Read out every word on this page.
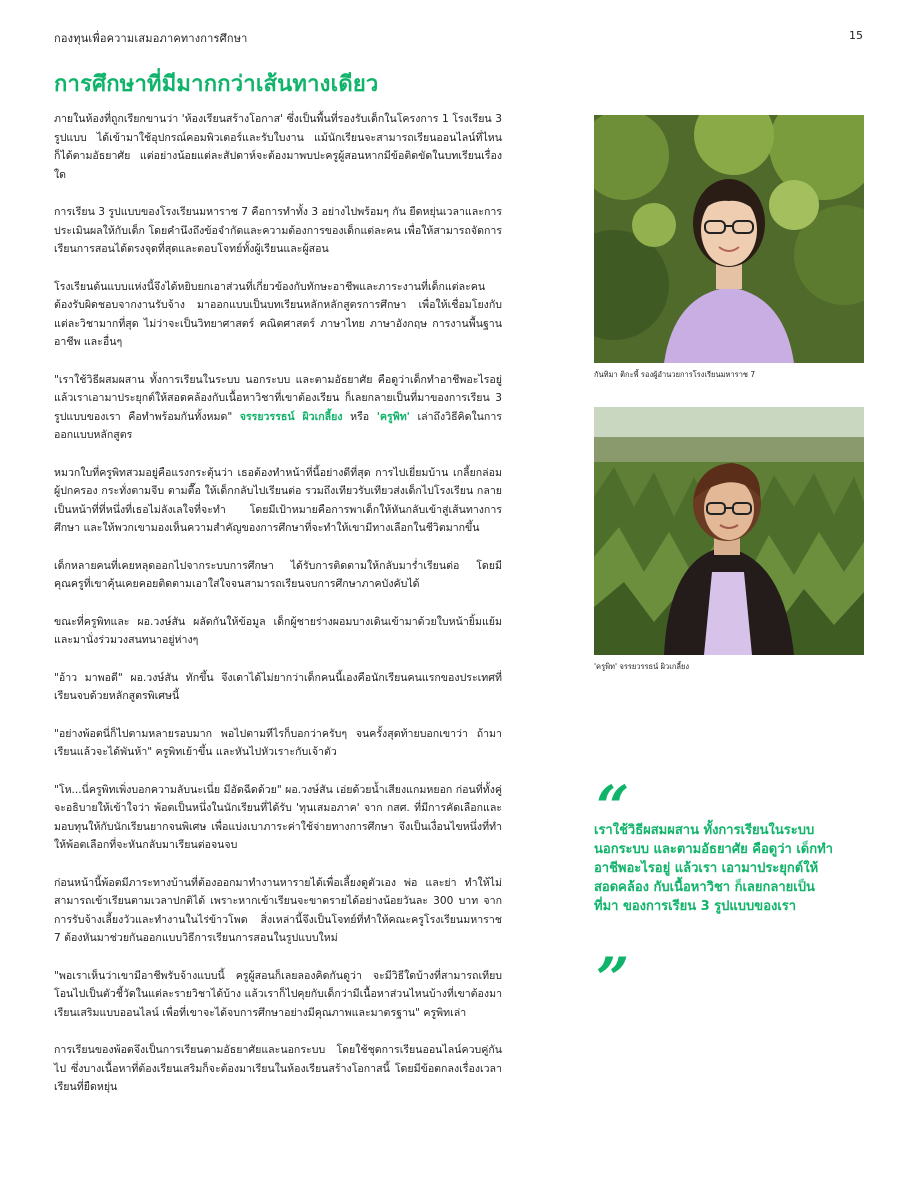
กองทุนเพื่อความเสมอภาคทางการศึกษา	15
การศึกษาที่มีมากกว่าเส้นทางเดียว

ภายในห้องที่ถูกเรียกขานว่า 'ห้องเรียนสร้างโอกาส' ซึ่งเป็นพื้นที่รองรับเด็กในโครงการ 1 โรงเรียน 3 รูปแบบ ได้เข้ามาใช้อุปกรณ์คอมพิวเตอร์และรับใบงาน แม้นักเรียนจะสามารถเรียนออนไลน์ที่ไหนก็ได้ตามอัธยาศัย แต่อย่างน้อยแต่ละสัปดาห์จะต้องมาพบปะครูผู้สอนหากมีข้อติดขัดในบทเรียนเรื่องใด

การเรียน 3 รูปแบบของโรงเรียนมหาราช 7 คือการทำทั้ง 3 อย่างไปพร้อมๆ กัน ยืดหยุ่นเวลาและการประเมินผลให้กับเด็ก โดยคำนึงถึงข้อจำกัดและความต้องการของเด็กแต่ละคน เพื่อให้สามารถจัดการเรียนการสอนได้ตรงจุดที่สุดและตอบโจทย์ทั้งผู้เรียนและผู้สอน

โรงเรียนต้นแบบแห่งนี้จึงได้หยิบยกเอาส่วนที่เกี่ยวข้องกับทักษะอาชีพและภาระงานที่เด็กแต่ละคนต้องรับผิดชอบจากงานรับจ้าง มาออกแบบเป็นบทเรียนหลักหลักสูตรการศึกษา เพื่อให้เชื่อมโยงกับแต่ละวิชามากที่สุด ไม่ว่าจะเป็นวิทยาศาสตร์ คณิตศาสตร์ ภาษาไทย ภาษาอังกฤษ การงานพื้นฐานอาชีพ และอื่นๆ

"เราใช้วิธีผสมผสาน ทั้งการเรียนในระบบ นอกระบบ และตามอัธยาศัย คือดูว่าเด็กทำอาชีพอะไรอยู่ แล้วเราเอามาประยุกต์ให้สอดคล้องกับเนื้อหาวิชาที่เขาต้องเรียน ก็เลยกลายเป็นที่มาของการเรียน 3 รูปแบบของเรา คือทำพร้อมกันทั้งหมด" จรรยวรรธน์ ผิวเกลี้ยง หรือ 'ครูพิท' เล่าถึงวิธีคิดในการออกแบบหลักสูตร

หมวกใบที่ครูพิทสวมอยู่คือแรงกระตุ้นว่า เธอต้องทำหน้าที่นี้อย่างดีที่สุด การไปเยี่ยมบ้าน เกลี้ยกล่อมผู้ปกครอง กระทั่งตามจีบ ตามตื๊อ ให้เด็กกลับไปเรียนต่อ รวมถึงเทียวรับเทียวส่งเด็กไปโรงเรียน กลายเป็นหน้าที่ที่หนึ่งที่เธอไม่ลังเลใจที่จะทำ โดยมีเป้าหมายคือการพาเด็กให้หันกลับเข้าสู่เส้นทางการศึกษา และให้พวกเขามองเห็นความสำคัญของการศึกษาที่จะทำให้เขามีทางเลือกในชีวิตมากขึ้น

เด็กหลายคนที่เคยหลุดออกไปจากระบบการศึกษา ได้รับการติดตามให้กลับมาร่ำเรียนต่อ โดยมีคุณครูที่เขาคุ้นเคยคอยติดตามเอาใส่ใจจนสามารถเรียนจบการศึกษาภาคบังคับได้

ขณะที่ครูพิทและ ผอ.วงษ์สัน ผลัดกันให้ข้อมูล เด็กผู้ชายร่างผอมบางเดินเข้ามาด้วยใบหน้ายิ้มแย้ม และมานั่งร่วมวงสนทนาอยู่ห่างๆ

"อ้าว มาพอดี" ผอ.วงษ์สัน ทักขึ้น จึงเดาได้ไม่ยากว่าเด็กคนนี้เองคือนักเรียนคนแรกของประเทศที่เรียนจบด้วยหลักสูตรพิเศษนี้

"อย่างพ้อตนี่ก็ไปตามหลายรอบมาก พอไปตามทีไรก็บอกว่าครับๆ จนครั้งสุดท้ายบอกเขาว่า ถ้ามาเรียนแล้วจะได้พันห้า" ครูพิทเย้าขึ้น และหันไปหัวเราะกับเจ้าตัว

"โห...นี่ครูพิทเพิ่งบอกความลับนะเนี่ย มีอัดฉีดด้วย" ผอ.วงษ์สัน เอ่ยด้วยน้ำเสียงแกมหยอก ก่อนที่ทั้งคู่จะอธิบายให้เข้าใจว่า พ้อตเป็นหนึ่งในนักเรียนที่ได้รับ 'ทุนเสมอภาค' จาก กสศ. ที่มีการคัดเลือกและมอบทุนให้กับนักเรียนยากจนพิเศษ เพื่อแบ่งเบาภาระค่าใช้จ่ายทางการศึกษา จึงเป็นเงื่อนไขหนึ่งที่ทำให้พ้อตเลือกที่จะหันกลับมาเรียนต่อจนจบ

ก่อนหน้านี้พ้อตมีภาระทางบ้านที่ต้องออกมาทำงานหารายได้เพื่อเลี้ยงดูตัวเอง พ่อ และย่า ทำให้ไม่สามารถเข้าเรียนตามเวลาปกติได้ เพราะหากเข้าเรียนจะขาดรายได้อย่างน้อยวันละ 300 บาท จากการรับจ้างเลี้ยงวัวและทำงานในไร่ข้าวโพด สิ่งเหล่านี้จึงเป็นโจทย์ที่ทำให้คณะครูโรงเรียนมหาราช 7 ต้องหันมาช่วยกันออกแบบวิธีการเรียนการสอนในรูปแบบใหม่

"พอเราเห็นว่าเขามีอาชีพรับจ้างแบบนี้ ครูผู้สอนก็เลยลองคิดกันดูว่า จะมีวิธีใดบ้างที่สามารถเทียบโอนไปเป็นตัวชี้วัดในแต่ละรายวิชาได้บ้าง แล้วเราก็ไปคุยกับเด็กว่ามีเนื้อหาส่วนไหนบ้างที่เขาต้องมาเรียนเสริมแบบออนไลน์ เพื่อที่เขาจะได้จบการศึกษาอย่างมีคุณภาพและมาตรฐาน" ครูพิทเล่า

การเรียนของพ้อตจึงเป็นการเรียนตามอัธยาศัยและนอกระบบ โดยใช้ชุดการเรียนออนไลน์ควบคู่กันไป ซึ่งบางเนื้อหาที่ต้องเรียนเสริมก็จะต้องมาเรียนในห้องเรียนสร้างโอกาสนี้ โดยมีข้อตกลงเรื่องเวลาเรียนที่ยืดหยุ่น

กันทิมา ติกะพี้ รองผู้อำนวยการโรงเรียนมหาราช 7
'ครูพิท' จรรยวรรธน์ ผิวเกลี้ยง
“
เราใช้วิธีผสมผสาน ทั้งการเรียนในระบบ นอกระบบ และตามอัธยาศัย คือดูว่า เด็กทำอาชีพอะไรอยู่ แล้วเรา เอามาประยุกต์ให้สอดคล้อง กับเนื้อหาวิชา ก็เลยกลายเป็นที่มา ของการเรียน 3 รูปแบบของเรา
”
